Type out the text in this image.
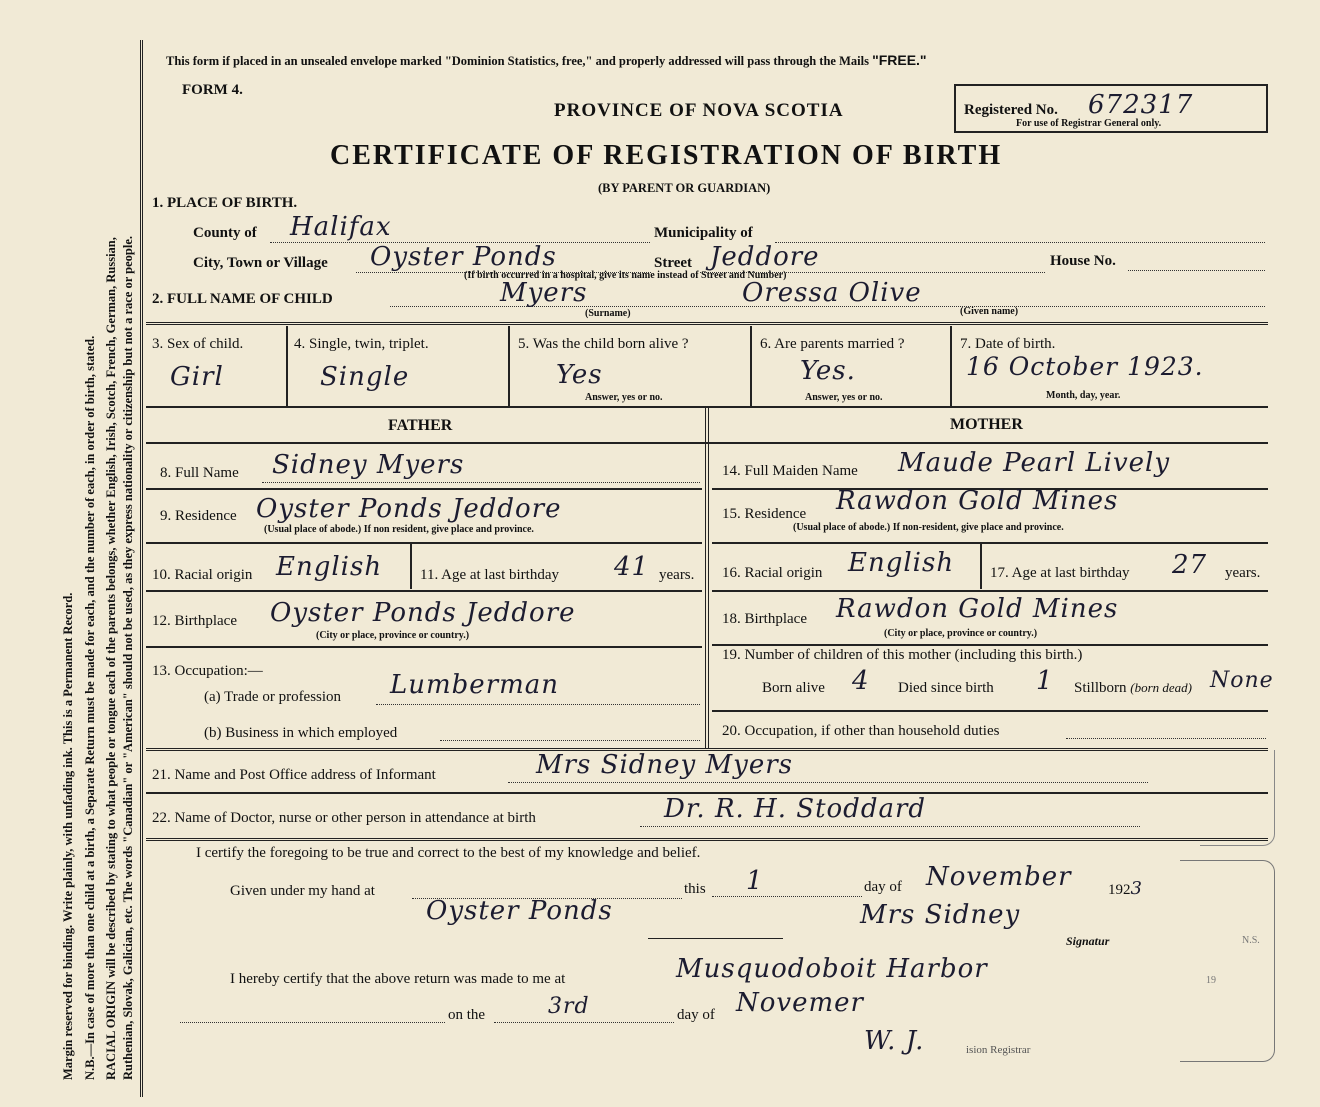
Margin reserved for binding. Write plainly, with unfading ink. This is a Permanent Record. N.B.—In case of more than one child at a birth, a Separate Return must be made for each, and the number of each, in order of birth, stated. RACIAL ORIGIN will be described by stating to what people or tongue each of the parents belongs, whether English, Irish, Scotch, French, German, Russian, Ruthenian, Slovak, Galician, etc. The words "Canadian" or "American" should not be used, as they express nationality or citizenship but not a race or people.
This form if placed in an unsealed envelope marked "Dominion Statistics, free," and properly addressed will pass through the Mails "FREE."
FORM 4.
PROVINCE OF NOVA SCOTIA	Registered No. 672317
For use of Registrar General only.
CERTIFICATE OF REGISTRATION OF BIRTH
(BY PARENT OR GUARDIAN)
1. PLACE OF BIRTH.
County of Halifax	Municipality of
City, Town or Village Oyster Ponds	Street Jeddore	House No.
(If birth occurred in a hospital, give its name instead of Street and Number)
2. FULL NAME OF CHILD	Myers	Oressa Olive
(Surname)	(Given name)
3. Sex of child.
Girl
4. Single, twin, triplet.
Single
5. Was the child born alive ?
Yes
Answer, yes or no.
6. Are parents married ?
Yes.
Answer, yes or no.
7. Date of birth.
16 October 1923.
Month, day, year.
FATHER	MOTHER
8. Full Name Sidney Myers
9. Residence Oyster Ponds Jeddore
(Usual place of abode.) If non resident, give place and province.
10. Racial origin English	11. Age at last birthday 41 years.
12. Birthplace Oyster Ponds Jeddore
(City or place, province or country.)
13. Occupation:—
(a) Trade or profession Lumberman
(b) Business in which employed
14. Full Maiden Name Maude Pearl Lively
15. Residence Rawdon Gold Mines
(Usual place of abode.) If non-resident, give place and province.
16. Racial origin English 17. Age at last birthday 27 years.
18. Birthplace Rawdon Gold Mines
(City or place, province or country.)
19. Number of children of this mother (including this birth.)
Born alive 4 Died since birth 1 Stillborn (born dead) None
20. Occupation, if other than household duties
21. Name and Post Office address of Informant	Mrs Sidney Myers
22. Name of Doctor, nurse or other person in attendance at birth	Dr. R. H. Stoddard
I certify the foregoing to be true and correct to the best of my knowledge and belief.
Given under my hand at
Oyster Ponds
this 1	day of November 1923
Mrs Sidney
Signatur	N.S.
I hereby certify that the above return was made to me at	Musquodoboit Harbor	19
on the	3rd	day of Novemer
W. J.	ision Registrar
